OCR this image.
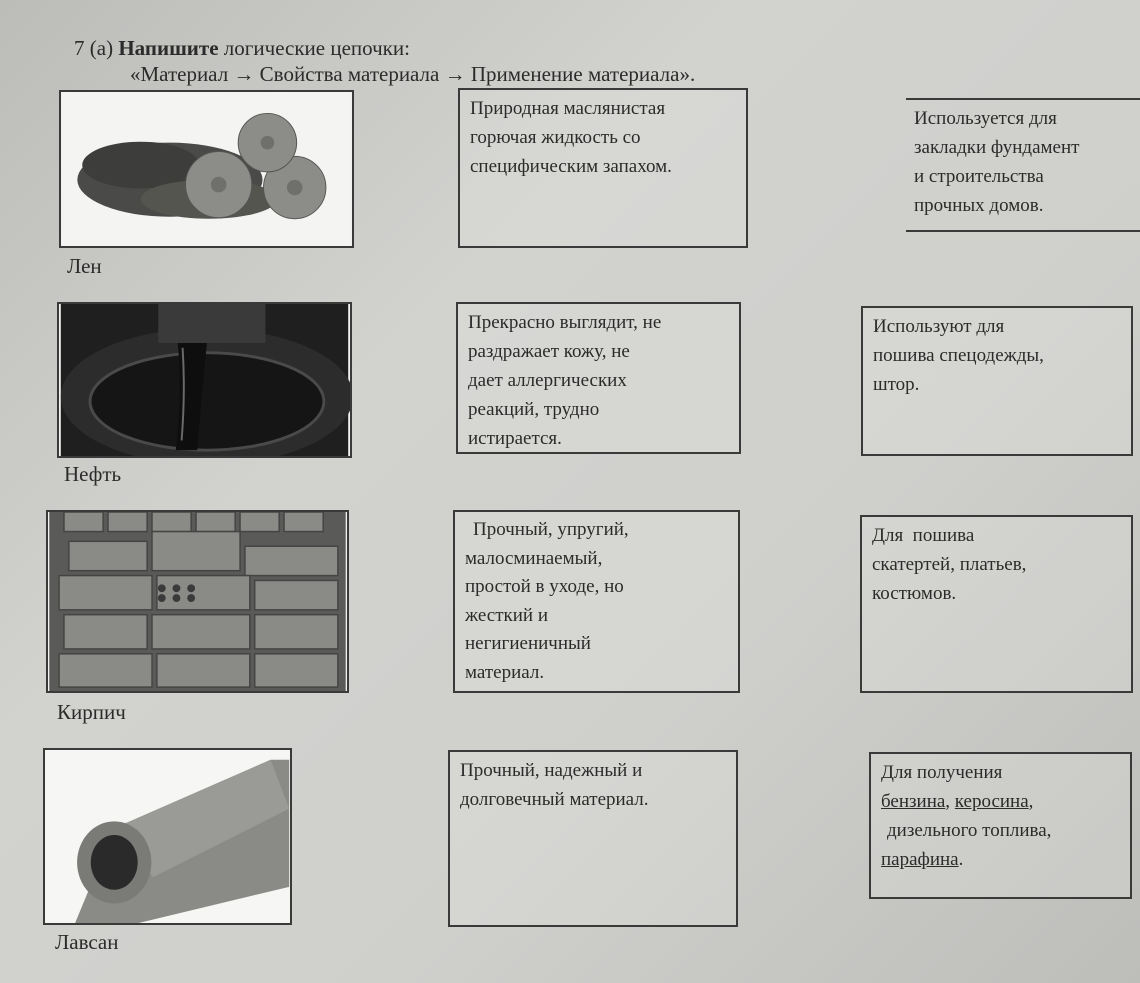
7 (а) Напишите логические цепочки:
«Материал → Свойства материала → Применение материала».
Лен
Природная маслянистая
горючая жидкость со
специфическим запахом.
Используется для
закладки фундамент
и строительства
прочных домов.
Нефть
Прекрасно выглядит, не
раздражает кожу, не
дает аллергических
реакций, трудно
истирается.
Используют для
пошива спецодежды,
штор.
Кирпич
Прочный, упругий,
малосминаемый,
простой в уходе, но
жесткий и
негигиеничный
материал.
Для  пошива
скатертей, платьев,
костюмов.
Лавсан
Прочный, надежный и
долговечный материал.
Для получения
бензина, керосина,
дизельного топлива,
парафина.
